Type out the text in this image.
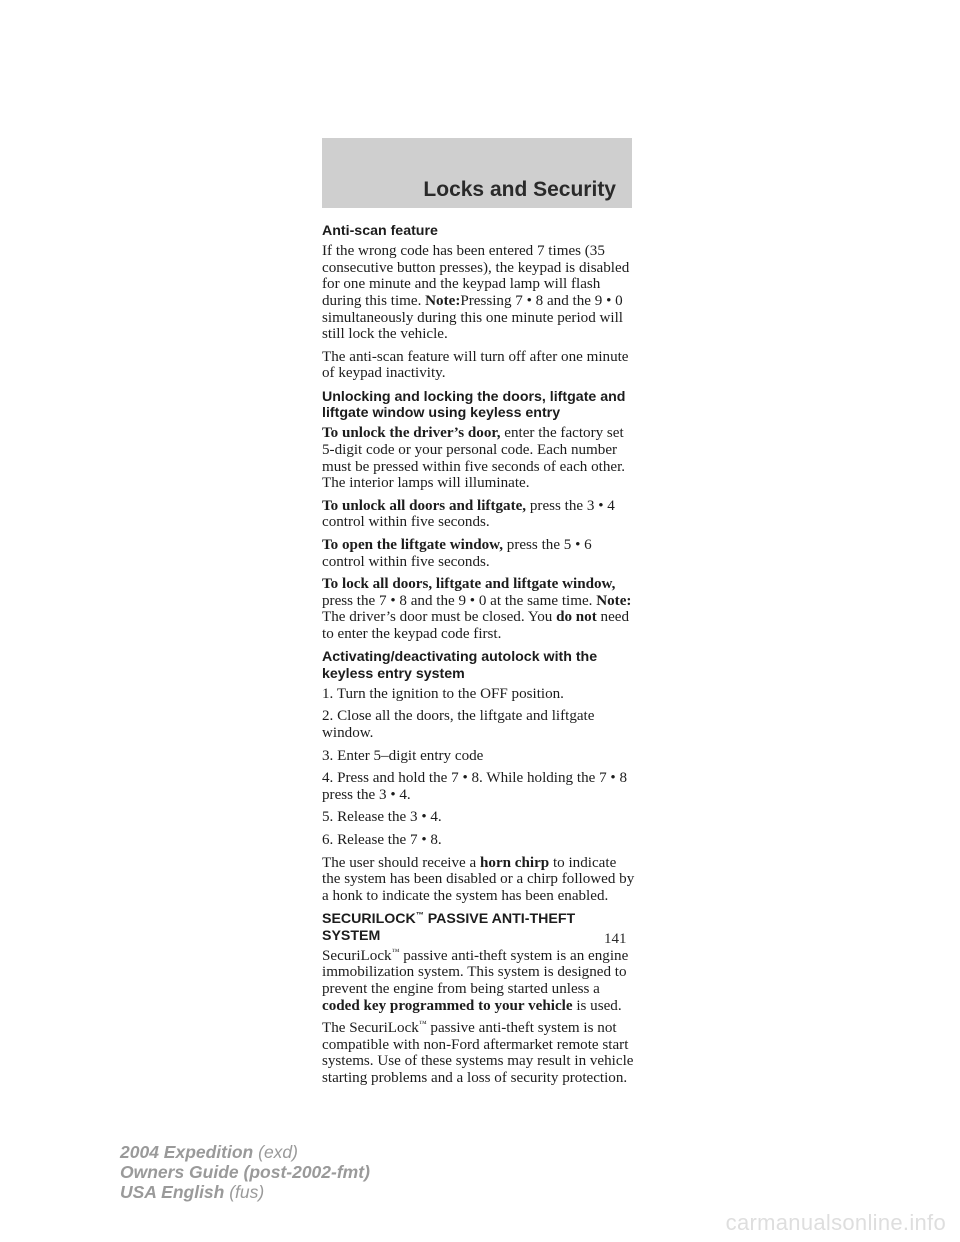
Locks and Security
Anti-scan feature

If the wrong code has been entered 7 times (35 consecutive button presses), the keypad is disabled for one minute and the keypad lamp will flash during this time. Note:Pressing 7 • 8 and the 9 • 0 simultaneously during this one minute period will still lock the vehicle.

The anti-scan feature will turn off after one minute of keypad inactivity.

Unlocking and locking the doors, liftgate and liftgate window using keyless entry

To unlock the driver’s door, enter the factory set 5-digit code or your personal code. Each number must be pressed within five seconds of each other. The interior lamps will illuminate.

To unlock all doors and liftgate, press the 3 • 4 control within five seconds.

To open the liftgate window, press the 5 • 6 control within five seconds.

To lock all doors, liftgate and liftgate window, press the 7 • 8 and the 9 • 0 at the same time. Note: The driver’s door must be closed. You do not need to enter the keypad code first.

Activating/deactivating autolock with the keyless entry system

1. Turn the ignition to the OFF position.

2. Close all the doors, the liftgate and liftgate window.

3. Enter 5–digit entry code

4. Press and hold the 7 • 8. While holding the 7 • 8 press the 3 • 4.

5. Release the 3 • 4.

6. Release the 7 • 8.

The user should receive a horn chirp to indicate the system has been disabled or a chirp followed by a honk to indicate the system has been enabled.

SECURILOCK™ PASSIVE ANTI-THEFT SYSTEM

SecuriLock™ passive anti-theft system is an engine immobilization system. This system is designed to prevent the engine from being started unless a coded key programmed to your vehicle is used.

The SecuriLock™ passive anti-theft system is not compatible with non-Ford aftermarket remote start systems. Use of these systems may result in vehicle starting problems and a loss of security protection.

141
2004 Expedition (exd)
Owners Guide (post-2002-fmt)
USA English (fus)
carmanualsonline.info
